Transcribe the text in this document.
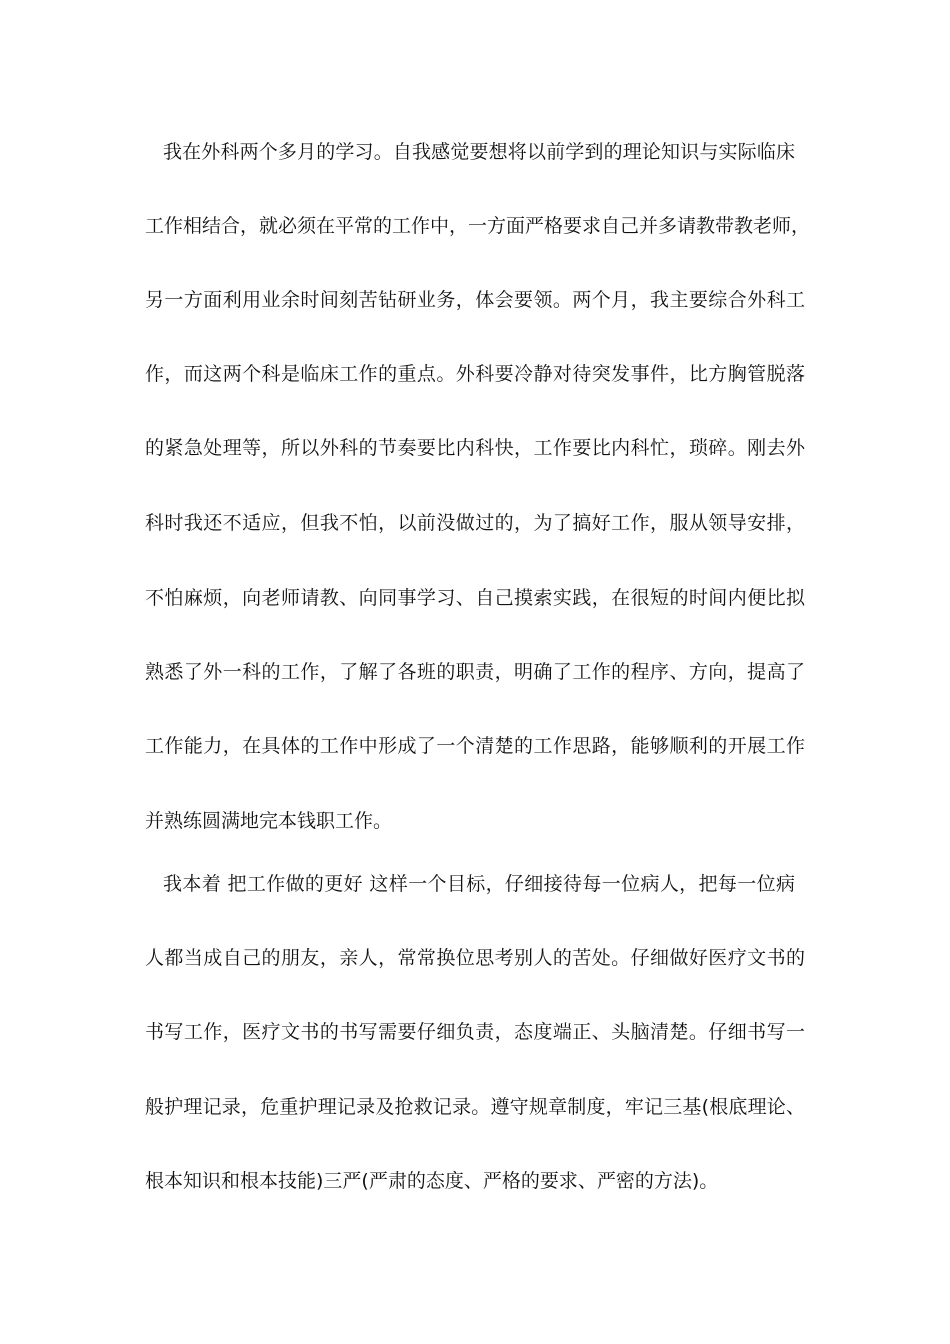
我在外科两个多月的学习。自我感觉要想将以前学到的理论知识与实际临床
工作相结合，就必须在平常的工作中，一方面严格要求自己并多请教带教老师，
另一方面利用业余时间刻苦钻研业务，体会要领。两个月，我主要综合外科工
作，而这两个科是临床工作的重点。外科要冷静对待突发事件，比方胸管脱落
的紧急处理等，所以外科的节奏要比内科快，工作要比内科忙，琐碎。刚去外
科时我还不适应，但我不怕，以前没做过的，为了搞好工作，服从领导安排，
不怕麻烦，向老师请教、向同事学习、自己摸索实践，在很短的时间内便比拟
熟悉了外一科的工作，了解了各班的职责，明确了工作的程序、方向，提高了
工作能力，在具体的工作中形成了一个清楚的工作思路，能够顺利的开展工作
并熟练圆满地完本钱职工作。
我本着 把工作做的更好 这样一个目标，仔细接待每一位病人，把每一位病
人都当成自己的朋友，亲人，常常换位思考别人的苦处。仔细做好医疗文书的
书写工作，医疗文书的书写需要仔细负责，态度端正、头脑清楚。仔细书写一
般护理记录，危重护理记录及抢救记录。遵守规章制度，牢记三基(根底理论、
根本知识和根本技能)三严(严肃的态度、严格的要求、严密的方法)。
